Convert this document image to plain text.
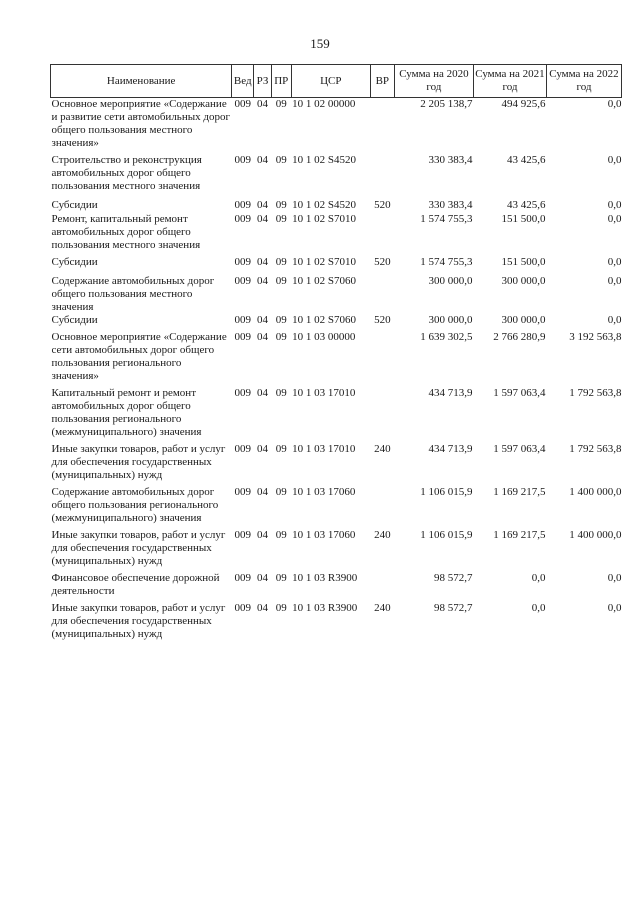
159
Наименование	Вед	РЗ	ПР	ЦСР	ВР	Сумма на 2020 год	Сумма на 2021 год	Сумма на 2022 год
Основное мероприятие «Содержание и развитие сети автомобильных дорог общего пользования местного значения»	009	04	09	10 1 02 00000		2 205 138,7	494 925,6	0,0
Строительство и реконструкция автомобильных дорог общего пользования местного значения	009	04	09	10 1 02 S4520		330 383,4	43 425,6	0,0
Субсидии	009	04	09	10 1 02 S4520	520	330 383,4	43 425,6	0,0
Ремонт, капитальный ремонт автомобильных дорог общего пользования местного значения	009	04	09	10 1 02 S7010		1 574 755,3	151 500,0	0,0
Субсидии	009	04	09	10 1 02 S7010	520	1 574 755,3	151 500,0	0,0
Содержание автомобильных дорог общего пользования местного значения	009	04	09	10 1 02 S7060		300 000,0	300 000,0	0,0
Субсидии	009	04	09	10 1 02 S7060	520	300 000,0	300 000,0	0,0
Основное мероприятие «Содержание сети автомобильных дорог общего пользования регионального значения»	009	04	09	10 1 03 00000		1 639 302,5	2 766 280,9	3 192 563,8
Капитальный ремонт и ремонт автомобильных дорог общего пользования регионального (межмуниципального) значения	009	04	09	10 1 03 17010		434 713,9	1 597 063,4	1 792 563,8
Иные закупки товаров, работ и услуг для обеспечения государственных (муниципальных) нужд	009	04	09	10 1 03 17010	240	434 713,9	1 597 063,4	1 792 563,8
Содержание автомобильных дорог общего пользования регионального (межмуниципального) значения	009	04	09	10 1 03 17060		1 106 015,9	1 169 217,5	1 400 000,0
Иные закупки товаров, работ и услуг для обеспечения государственных (муниципальных) нужд	009	04	09	10 1 03 17060	240	1 106 015,9	1 169 217,5	1 400 000,0
Финансовое обеспечение дорожной деятельности	009	04	09	10 1 03 R3900		98 572,7	0,0	0,0
Иные закупки товаров, работ и услуг для обеспечения государственных (муниципальных) нужд	009	04	09	10 1 03 R3900	240	98 572,7	0,0	0,0
